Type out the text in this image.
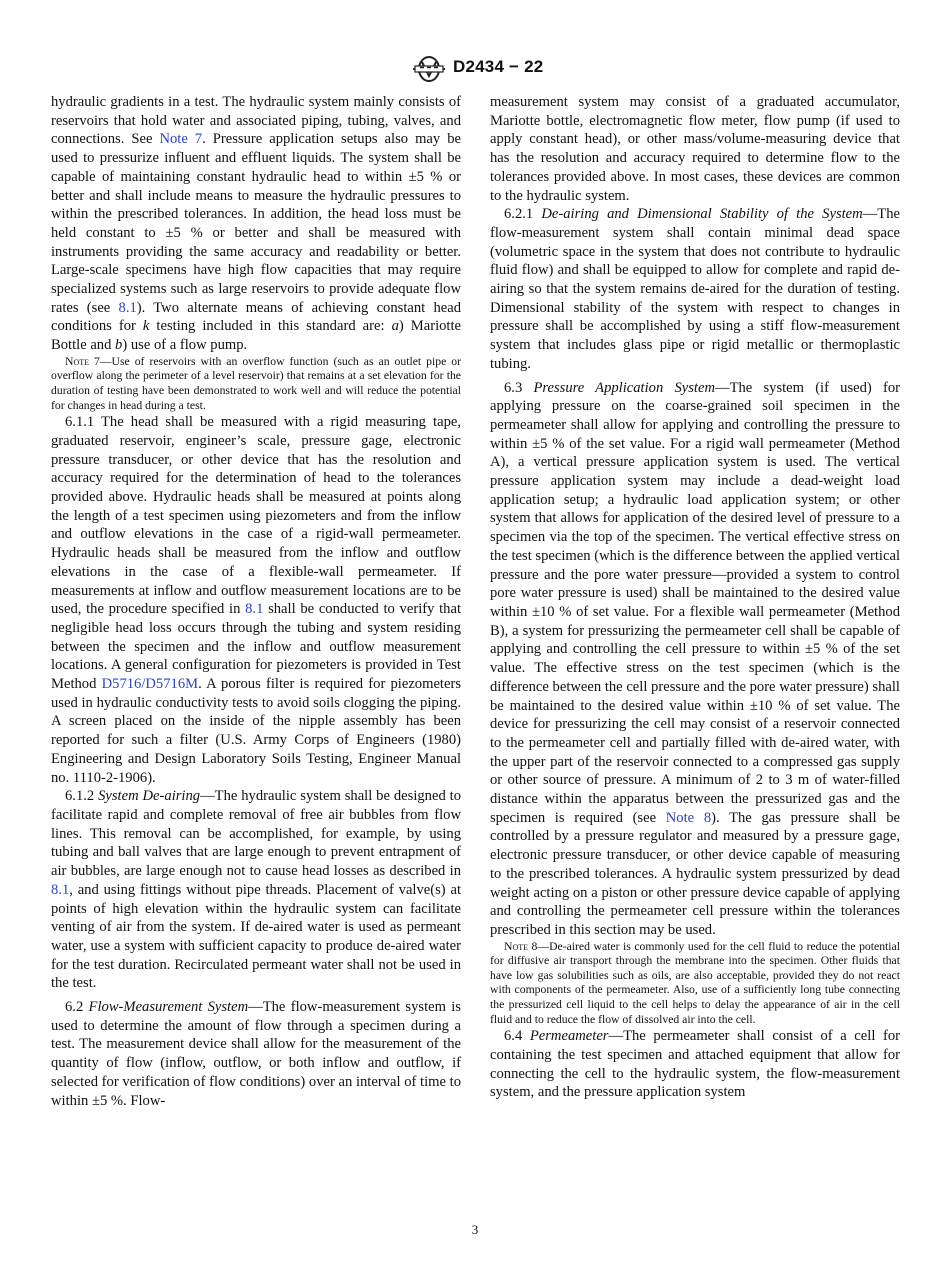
D2434 − 22

hydraulic gradients in a test. The hydraulic system mainly consists of reservoirs that hold water and associated piping, tubing, valves, and connections. See Note 7. Pressure application setups also may be used to pressurize influent and effluent liquids. The system shall be capable of maintaining constant hydraulic head to within ±5 % or better and shall include means to measure the hydraulic pressures to within the prescribed tolerances. In addition, the head loss must be held constant to ±5 % or better and shall be measured with instruments providing the same accuracy and readability or better. Large-scale specimens have high flow capacities that may require specialized systems such as large reservoirs to provide adequate flow rates (see 8.1). Two alternate means of achieving constant head conditions for k testing included in this standard are: a) Mariotte Bottle and b) use of a flow pump.

Note 7—Use of reservoirs with an overflow function (such as an outlet pipe or overflow along the perimeter of a level reservoir) that remains at a set elevation for the duration of testing have been demonstrated to work well and will reduce the potential for changes in head during a test.

6.1.1 The head shall be measured with a rigid measuring tape, graduated reservoir, engineer’s scale, pressure gage, electronic pressure transducer, or other device that has the resolution and accuracy required for the determination of head to the tolerances provided above. Hydraulic heads shall be measured at points along the length of a test specimen using piezometers and from the inflow and outflow elevations in the case of a rigid-wall permeameter. Hydraulic heads shall be measured from the inflow and outflow elevations in the case of a flexible-wall permeameter. If measurements at inflow and outflow measurement locations are to be used, the procedure specified in 8.1 shall be conducted to verify that negligible head loss occurs through the tubing and system residing between the specimen and the inflow and outflow measurement locations. A general configuration for piezometers is provided in Test Method D5716/D5716M. A porous filter is required for piezometers used in hydraulic conductivity tests to avoid soils clogging the piping. A screen placed on the inside of the nipple assembly has been reported for such a filter (U.S. Army Corps of Engineers (1980) Engineering and Design Laboratory Soils Testing, Engineer Manual no. 1110-2-1906).

6.1.2 System De-airing—The hydraulic system shall be designed to facilitate rapid and complete removal of free air bubbles from flow lines. This removal can be accomplished, for example, by using tubing and ball valves that are large enough to prevent entrapment of air bubbles, are large enough not to cause head losses as described in 8.1, and using fittings without pipe threads. Placement of valve(s) at points of high elevation within the hydraulic system can facilitate venting of air from the system. If de-aired water is used as permeant water, use a system with sufficient capacity to produce de-aired water for the test duration. Recirculated permeant water shall not be used in the test.

6.2 Flow-Measurement System—The flow-measurement system is used to determine the amount of flow through a specimen during a test. The measurement device shall allow for the measurement of the quantity of flow (inflow, outflow, or both inflow and outflow, if selected for verification of flow conditions) over an interval of time to within ±5 %. Flow-

measurement system may consist of a graduated accumulator, Mariotte bottle, electromagnetic flow meter, flow pump (if used to apply constant head), or other mass/volume-measuring device that has the resolution and accuracy required to determine flow to the tolerances provided above. In most cases, these devices are common to the hydraulic system.

6.2.1 De-airing and Dimensional Stability of the System—The flow-measurement system shall contain minimal dead space (volumetric space in the system that does not contribute to hydraulic fluid flow) and shall be equipped to allow for complete and rapid de-airing so that the system remains de-aired for the duration of testing. Dimensional stability of the system with respect to changes in pressure shall be accomplished by using a stiff flow-measurement system that includes glass pipe or rigid metallic or thermoplastic tubing.

6.3 Pressure Application System—The system (if used) for applying pressure on the coarse-grained soil specimen in the permeameter shall allow for applying and controlling the pressure to within ±5 % of the set value. For a rigid wall permeameter (Method A), a vertical pressure application system is used. The vertical pressure application system may include a dead-weight load application setup; a hydraulic load application system; or other system that allows for application of the desired level of pressure to a specimen via the top of the specimen. The vertical effective stress on the test specimen (which is the difference between the applied vertical pressure and the pore water pressure—provided a system to control pore water pressure is used) shall be maintained to the desired value within ±10 % of set value. For a flexible wall permeameter (Method B), a system for pressurizing the permeameter cell shall be capable of applying and controlling the cell pressure to within ±5 % of the set value. The effective stress on the test specimen (which is the difference between the cell pressure and the pore water pressure) shall be maintained to the desired value within ±10 % of set value. The device for pressurizing the cell may consist of a reservoir connected to the permeameter cell and partially filled with de-aired water, with the upper part of the reservoir connected to a compressed gas supply or other source of pressure. A minimum of 2 to 3 m of water-filled distance within the apparatus between the pressurized gas and the specimen is required (see Note 8). The gas pressure shall be controlled by a pressure regulator and measured by a pressure gage, electronic pressure transducer, or other device capable of measuring to the prescribed tolerances. A hydraulic system pressurized by dead weight acting on a piston or other pressure device capable of applying and controlling the permeameter cell pressure within the tolerances prescribed in this section may be used.

Note 8—De-aired water is commonly used for the cell fluid to reduce the potential for diffusive air transport through the membrane into the specimen. Other fluids that have low gas solubilities such as oils, are also acceptable, provided they do not react with components of the permeameter. Also, use of a sufficiently long tube connecting the pressurized cell liquid to the cell helps to delay the appearance of air in the cell fluid and to reduce the flow of dissolved air into the cell.

6.4 Permeameter—The permeameter shall consist of a cell for containing the test specimen and attached equipment that allow for connecting the cell to the hydraulic system, the flow-measurement system, and the pressure application system

3
